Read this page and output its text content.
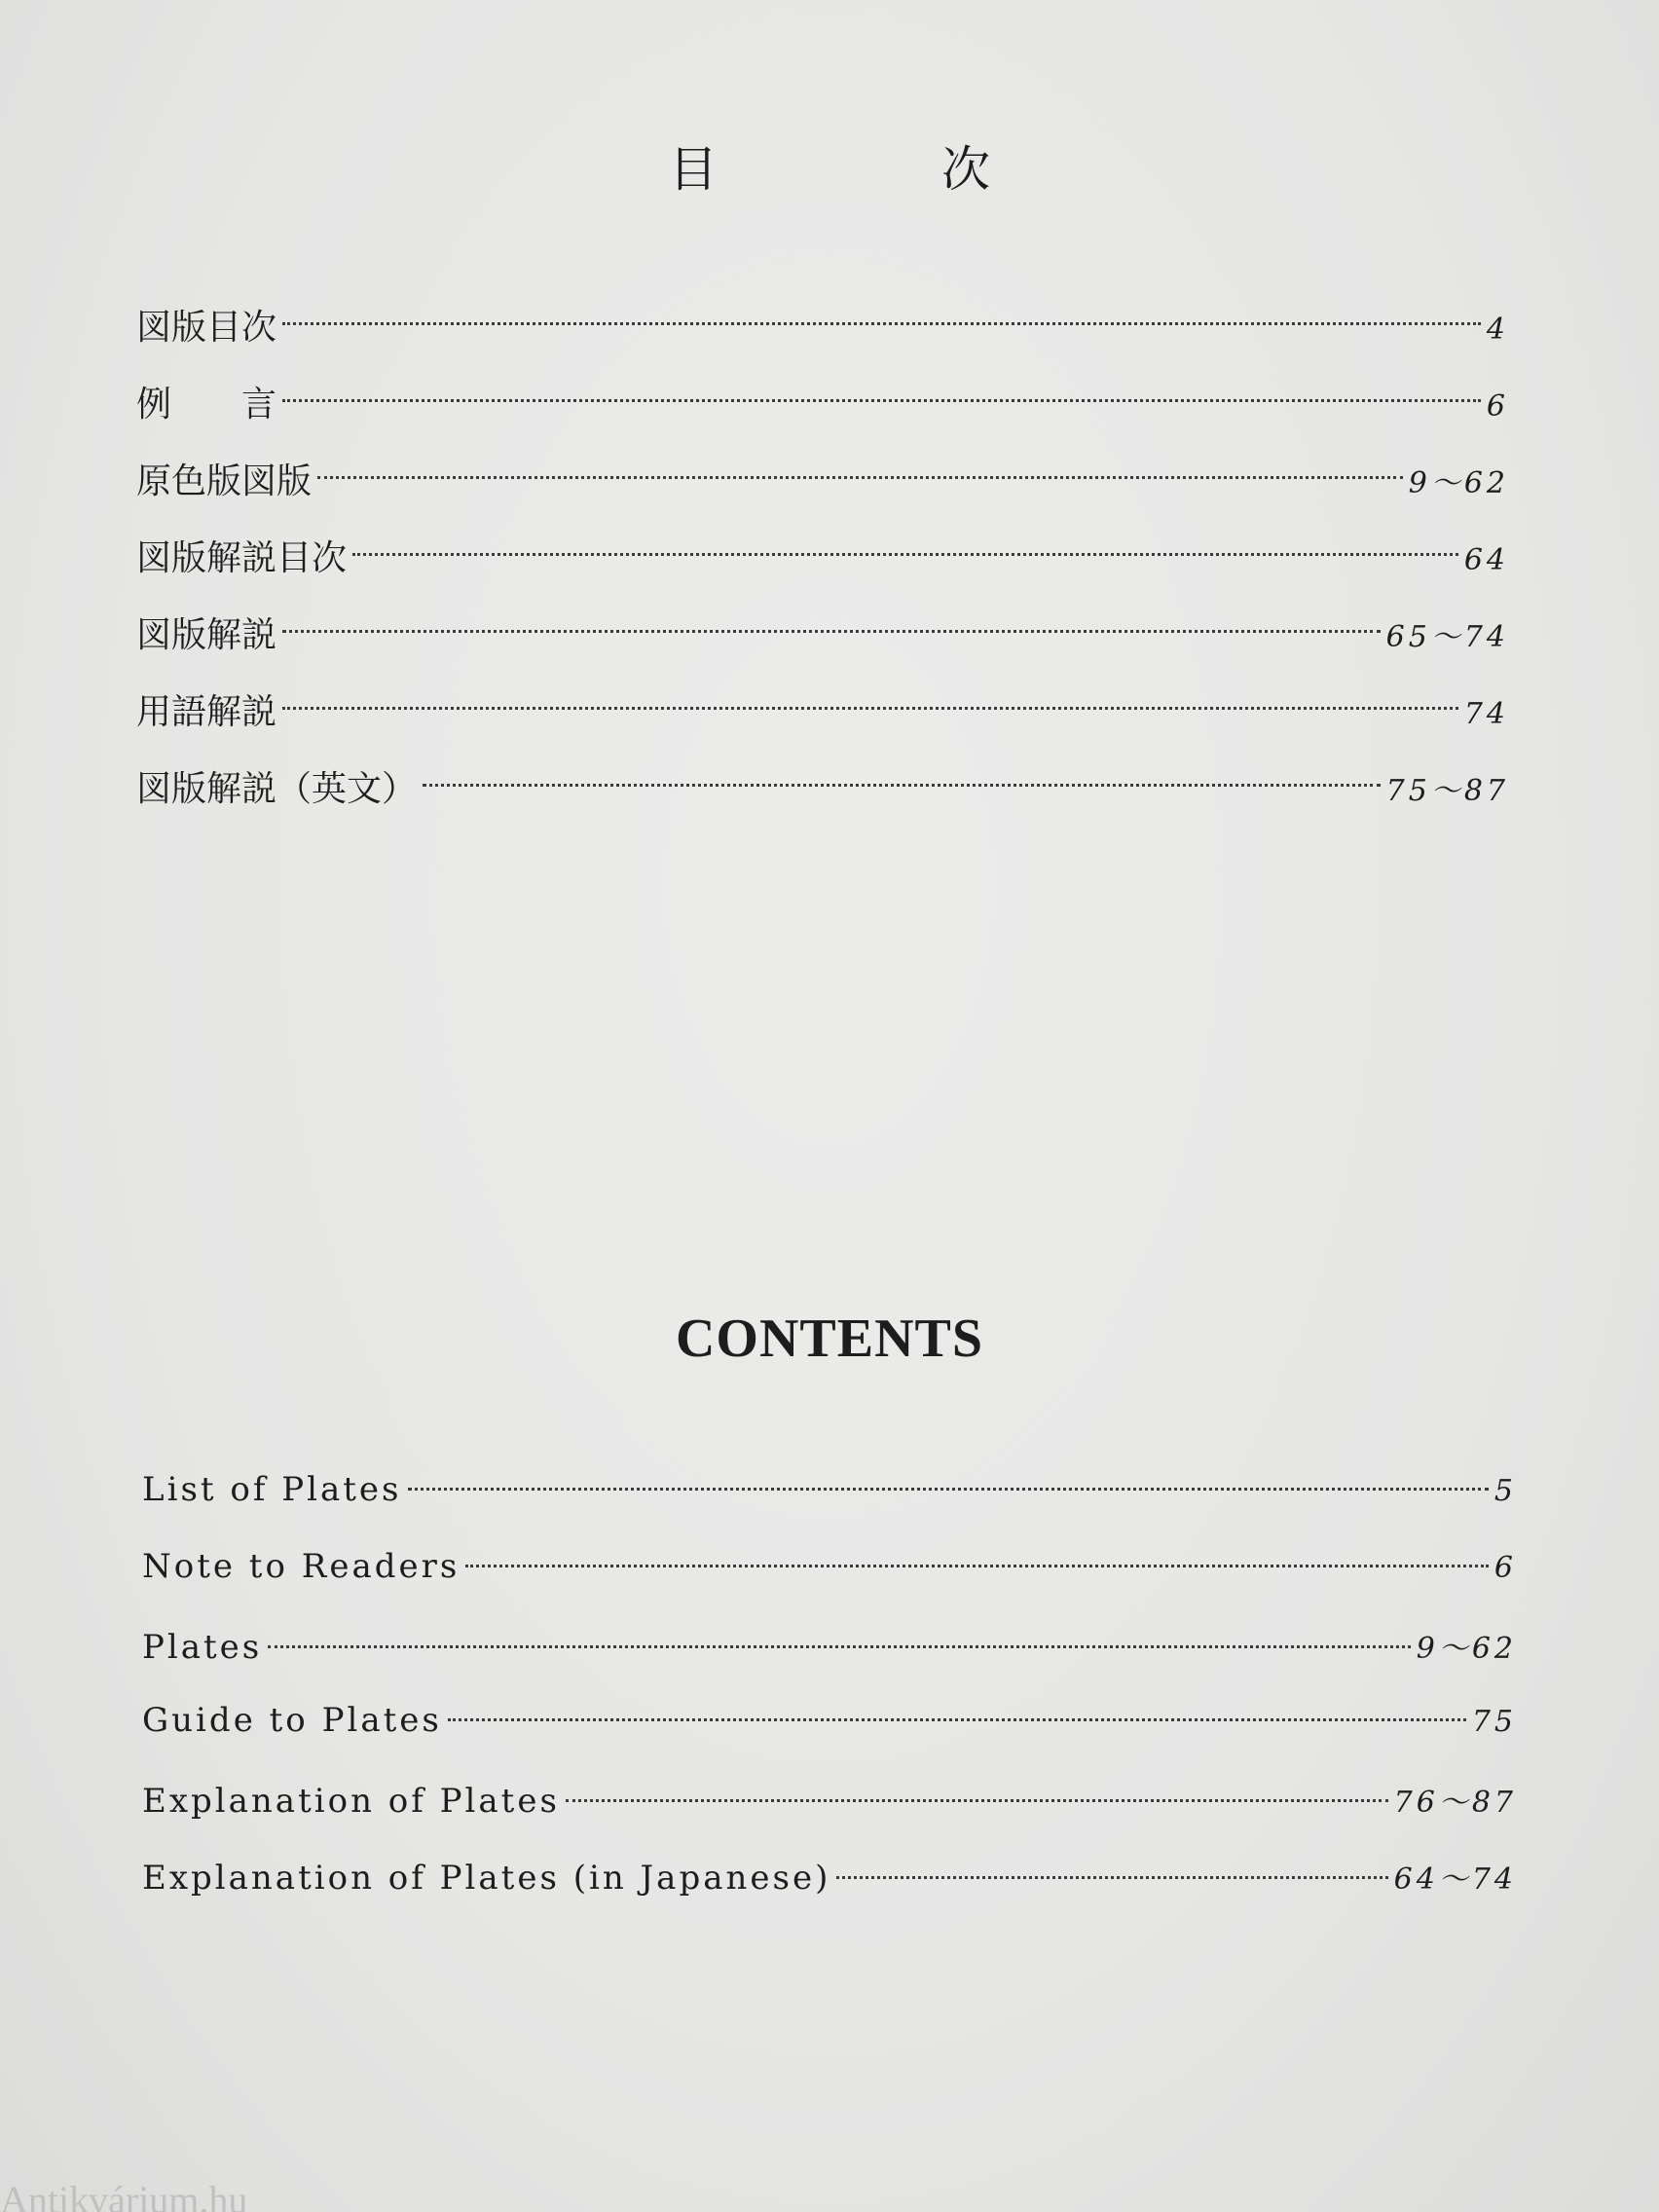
目　次
図版目次	4
例　　言	6
原色版図版	9～62
図版解説目次	64
図版解説	65～74
用語解説	74
図版解説（英文）	75～87
CONTENTS
List of Plates	5
Note to Readers	6
Plates	9～62
Guide to Plates	75
Explanation of Plates	76～87
Explanation of Plates (in Japanese)	64～74
Antikvárium.hu
